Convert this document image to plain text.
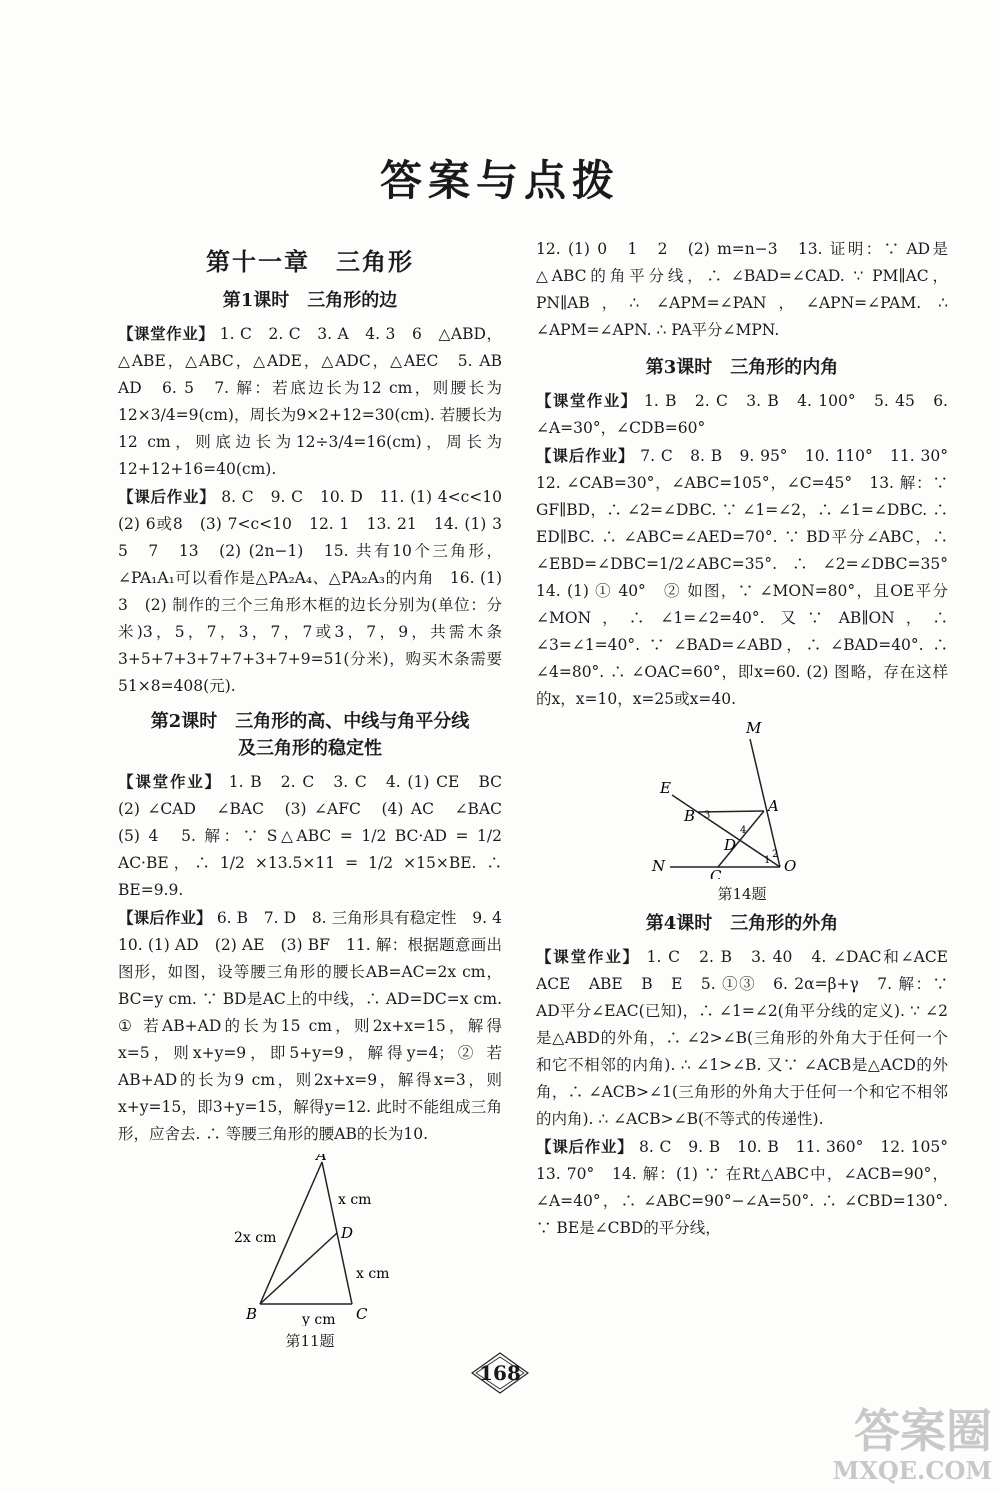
答案与点拨
第十一章　三角形
第1课时　三角形的边

【课堂作业】 1. C　2. C　3. A　4. 3　6　△ABD，△ABE，△ABC，△ADE，△ADC，△AEC　5. AB　AD　6. 5　7. 解：若底边长为12 cm，则腰长为12×3/4=9(cm)，周长为9×2+12=30(cm). 若腰长为12 cm，则底边长为12÷3/4=16(cm)，周长为12+12+16=40(cm).

【课后作业】 8. C　9. C　10. D　11. (1) 4<c<10　(2) 6或8　(3) 7<c<10　12. 1　13. 21　14. (1) 3　5　7　13　(2) (2n−1)　15. 共有10个三角形，∠PA₁A₁可以看作是△PA₂A₄、△PA₂A₃的内角　16. (1) 3　(2) 制作的三个三角形木框的边长分别为(单位：分米)3，5，7，3，7，7或3，7，9，共需木条3+5+7+3+7+7+3+7+9=51(分米)，购买木条需要51×8=408(元).

第2课时　三角形的高、中线与角平分线
及三角形的稳定性

【课堂作业】 1. B　2. C　3. C　4. (1) CE　BC　(2) ∠CAD　∠BAC　(3) ∠AFC　(4) AC　∠BAC　(5) 4　5. 解：∵ S△ABC = 1/2 BC·AD = 1/2 AC·BE，∴ 1/2 ×13.5×11 = 1/2 ×15×BE. ∴ BE=9.9.

【课后作业】 6. B　7. D　8. 三角形具有稳定性　9. 4　10. (1) AD　(2) AE　(3) BF　11. 解：根据题意画出图形，如图，设等腰三角形的腰长AB=AC=2x cm，BC=y cm. ∵ BD是AC上的中线，∴ AD=DC=x cm. ① 若AB+AD的长为15 cm，则2x+x=15，解得x=5，则x+y=9，即5+y=9，解得y=4；② 若AB+AD的长为9 cm，则2x+x=9，解得x=3，则x+y=15，即3+y=15，解得y=12. 此时不能组成三角形，应舍去. ∴ 等腰三角形的腰AB的长为10.

A
B	C
D
2x cm
x cm
x cm
y cm
第11题

12. (1) 0　1　2　(2) m=n−3　13. 证明：∵ AD是△ABC的角平分线，∴ ∠BAD=∠CAD. ∵ PM∥AC，PN∥AB，∴ ∠APM=∠PAN，∠APN=∠PAM. ∴ ∠APM=∠APN. ∴ PA平分∠MPN.

第3课时　三角形的内角

【课堂作业】 1. B　2. C　3. B　4. 100°　5. 45　6. ∠A=30°，∠CDB=60°

【课后作业】 7. C　8. B　9. 95°　10. 110°　11. 30°　12. ∠CAB=30°，∠ABC=105°，∠C=45°　13. 解：∵ GF∥BD，∴ ∠2=∠DBC. ∵ ∠1=∠2，∴ ∠1=∠DBC. ∴ ED∥BC. ∴ ∠ABC=∠AED=70°. ∵ BD平分∠ABC，∴ ∠EBD=∠DBC=1/2∠ABC=35°. ∴ ∠2=∠DBC=35°　14. (1) ① 40°　② 如图，∵ ∠MON=80°，且OE平分∠MON，∴ ∠1=∠2=40°. 又∵ AB∥ON，∴ ∠3=∠1=40°. ∵ ∠BAD=∠ABD，∴ ∠BAD=40°. ∴ ∠4=80°. ∴ ∠OAC=60°，即x=60. (2) 图略，存在这样的x，x=10，x=25或x=40.

M
E
A
B
D
N
C
O
1
2
3
4
第14题
第4课时　三角形的外角

【课堂作业】 1. C　2. B　3. 40　4. ∠DAC和∠ACE　ACE　ABE　B　E　5. ①③　6. 2α=β+γ　7. 解：∵ AD平分∠EAC(已知)，∴ ∠1=∠2(角平分线的定义). ∵ ∠2是△ABD的外角，∴ ∠2>∠B(三角形的外角大于任何一个和它不相邻的内角). ∴ ∠1>∠B. 又∵ ∠ACB是△ACD的外角，∴ ∠ACB>∠1(三角形的外角大于任何一个和它不相邻的内角). ∴ ∠ACB>∠B(不等式的传递性).

【课后作业】 8. C　9. B　10. B　11. 360°　12. 105°　13. 70°　14. 解：(1) ∵ 在Rt△ABC中，∠ACB=90°，∠A=40°，∴ ∠ABC=90°−∠A=50°. ∴ ∠CBD=130°. ∵ BE是∠CBD的平分线，

168
答案圈
MXQE.COM
